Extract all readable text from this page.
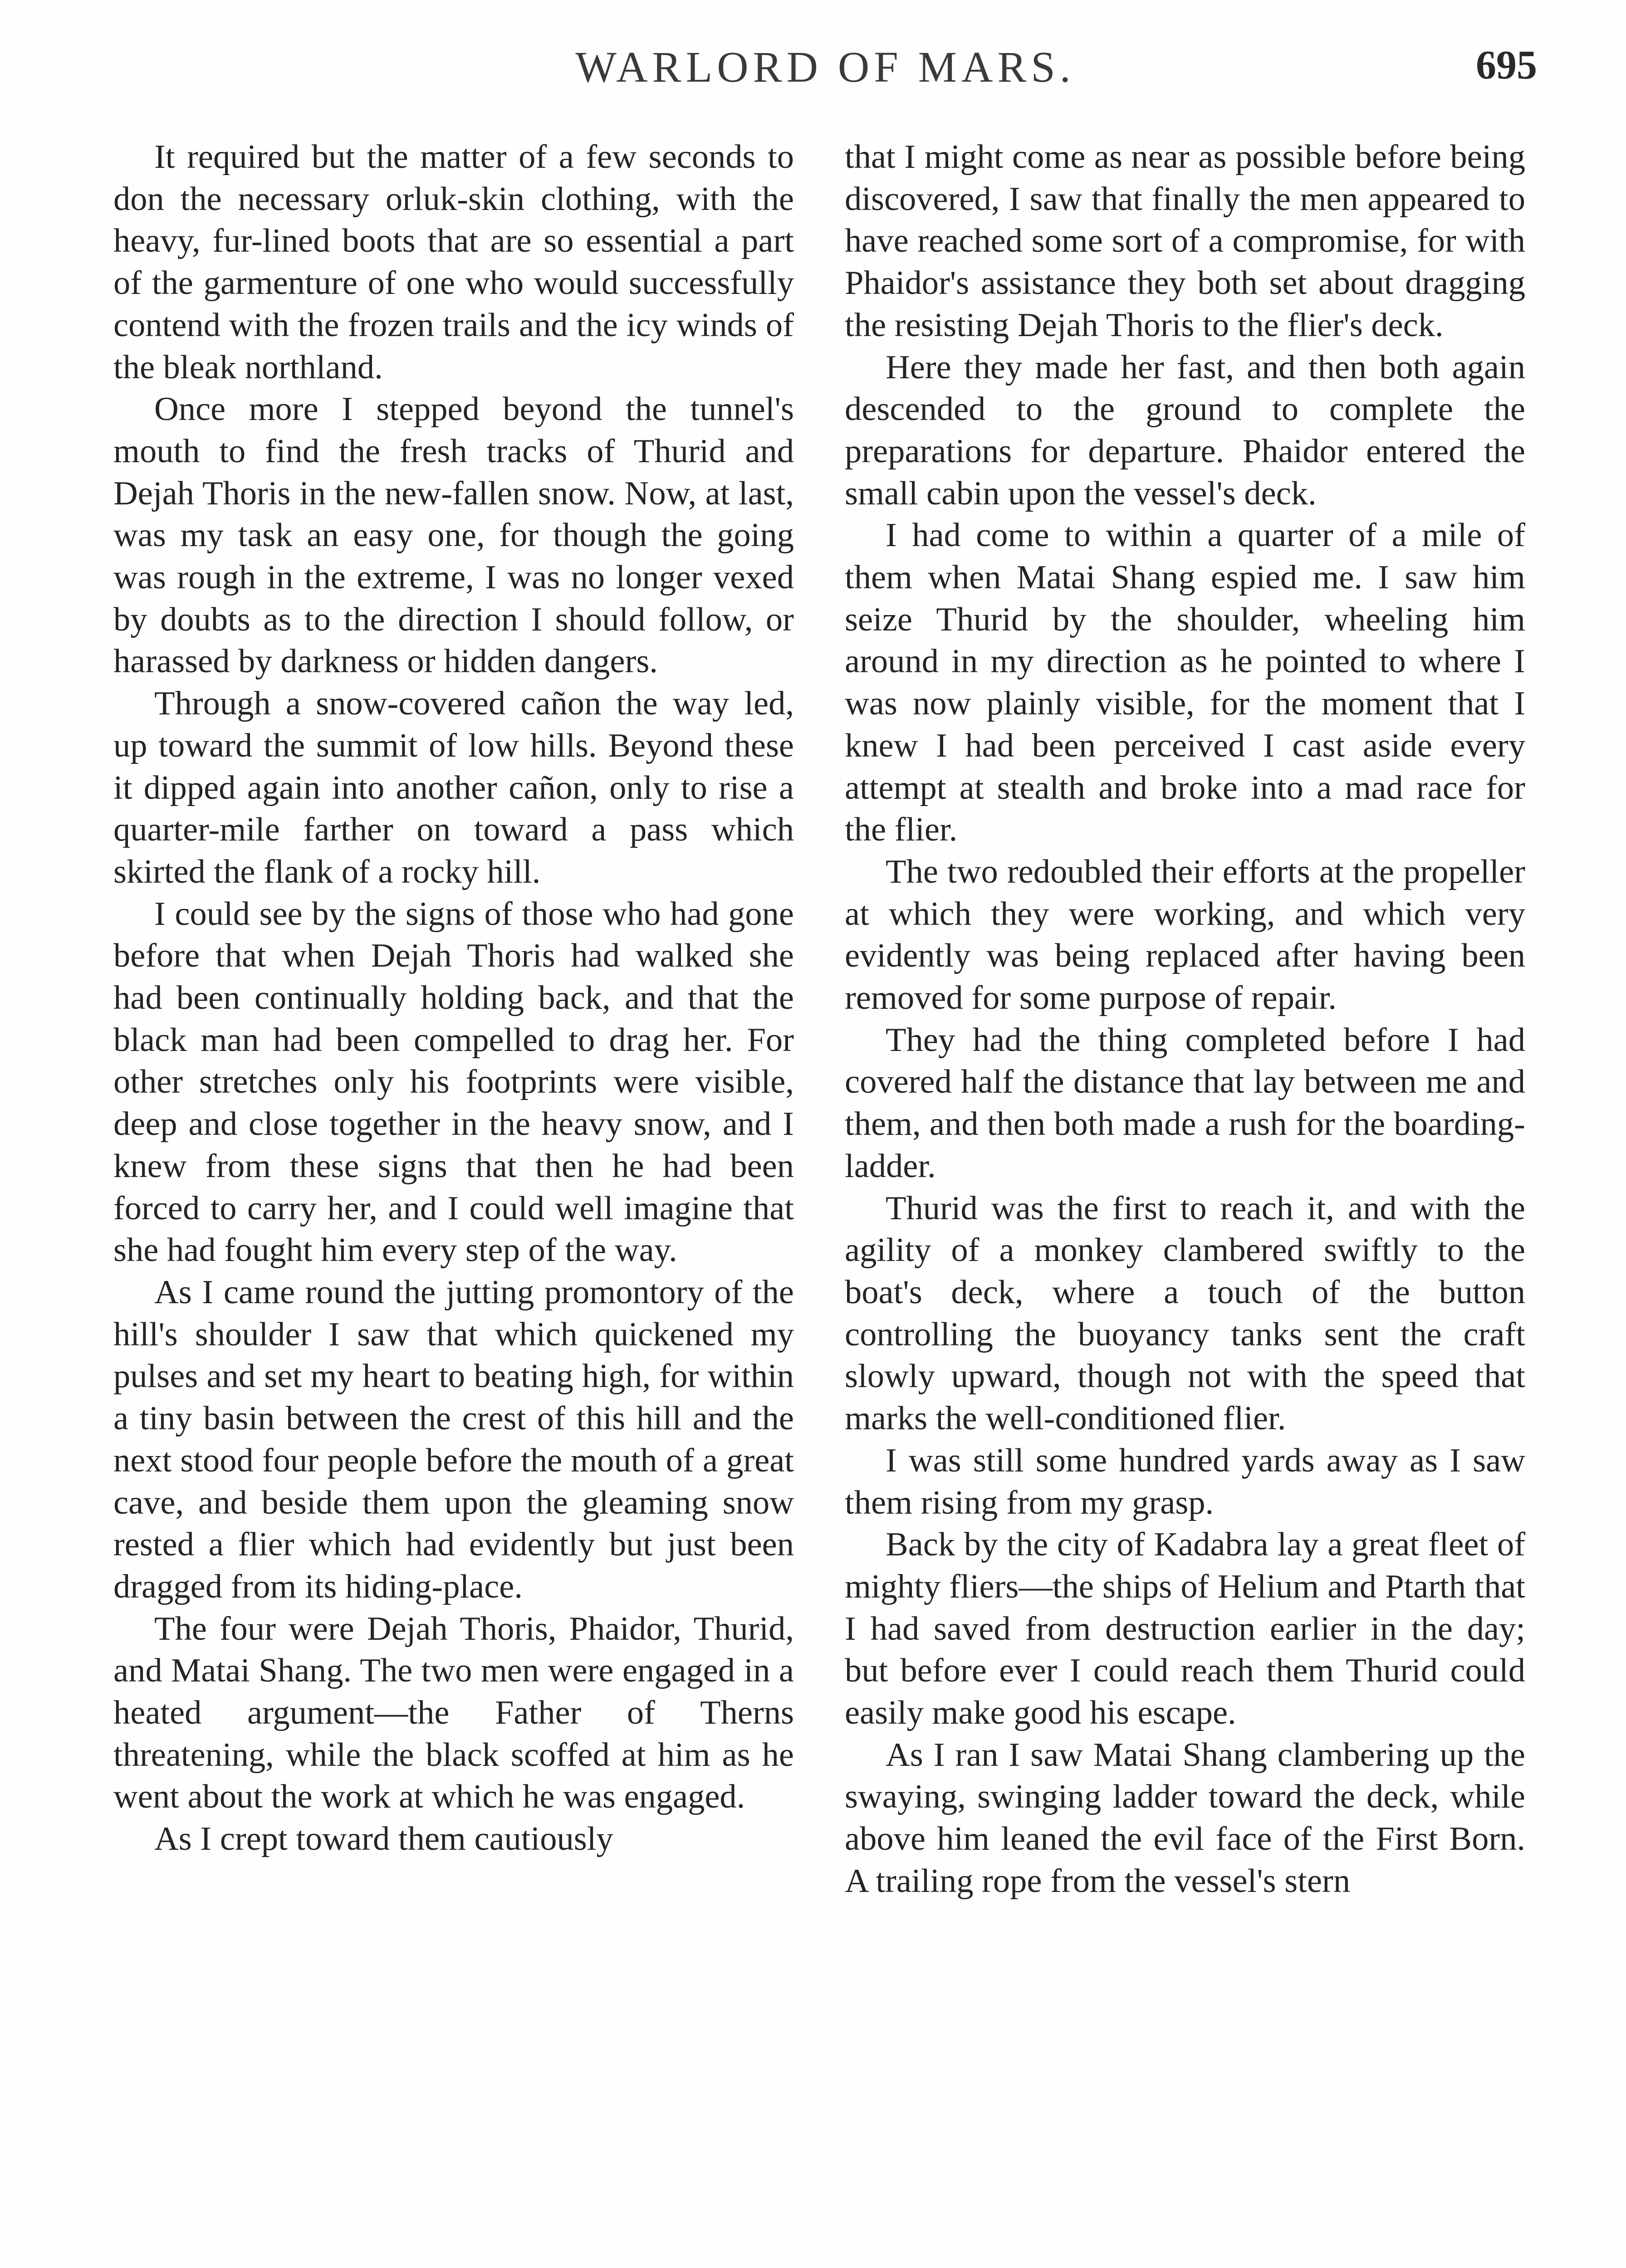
WARLORD OF MARS.	695

It required but the matter of a few seconds to don the necessary orluk-skin clothing, with the heavy, fur-lined boots that are so essential a part of the garmenture of one who would successfully contend with the frozen trails and the icy winds of the bleak northland.

Once more I stepped beyond the tunnel's mouth to find the fresh tracks of Thurid and Dejah Thoris in the new-fallen snow. Now, at last, was my task an easy one, for though the going was rough in the extreme, I was no longer vexed by doubts as to the direction I should follow, or harassed by darkness or hidden dangers.

Through a snow-covered cañon the way led, up toward the summit of low hills. Beyond these it dipped again into another cañon, only to rise a quarter-mile farther on toward a pass which skirted the flank of a rocky hill.

I could see by the signs of those who had gone before that when Dejah Thoris had walked she had been continually holding back, and that the black man had been compelled to drag her. For other stretches only his footprints were visible, deep and close together in the heavy snow, and I knew from these signs that then he had been forced to carry her, and I could well imagine that she had fought him every step of the way.

As I came round the jutting promontory of the hill's shoulder I saw that which quickened my pulses and set my heart to beating high, for within a tiny basin between the crest of this hill and the next stood four people before the mouth of a great cave, and beside them upon the gleaming snow rested a flier which had evidently but just been dragged from its hiding-place.

The four were Dejah Thoris, Phaidor, Thurid, and Matai Shang. The two men were engaged in a heated argument—the Father of Therns threatening, while the black scoffed at him as he went about the work at which he was engaged.

As I crept toward them cautiously

that I might come as near as possible before being discovered, I saw that finally the men appeared to have reached some sort of a compromise, for with Phaidor's assistance they both set about dragging the resisting Dejah Thoris to the flier's deck.

Here they made her fast, and then both again descended to the ground to complete the preparations for departure. Phaidor entered the small cabin upon the vessel's deck.

I had come to within a quarter of a mile of them when Matai Shang espied me. I saw him seize Thurid by the shoulder, wheeling him around in my direction as he pointed to where I was now plainly visible, for the moment that I knew I had been perceived I cast aside every attempt at stealth and broke into a mad race for the flier.

The two redoubled their efforts at the propeller at which they were working, and which very evidently was being replaced after having been removed for some purpose of repair.

They had the thing completed before I had covered half the distance that lay between me and them, and then both made a rush for the boarding-ladder.

Thurid was the first to reach it, and with the agility of a monkey clambered swiftly to the boat's deck, where a touch of the button controlling the buoyancy tanks sent the craft slowly upward, though not with the speed that marks the well-conditioned flier.

I was still some hundred yards away as I saw them rising from my grasp.

Back by the city of Kadabra lay a great fleet of mighty fliers—the ships of Helium and Ptarth that I had saved from destruction earlier in the day; but before ever I could reach them Thurid could easily make good his escape.

As I ran I saw Matai Shang clambering up the swaying, swinging ladder toward the deck, while above him leaned the evil face of the First Born. A trailing rope from the vessel's stern
